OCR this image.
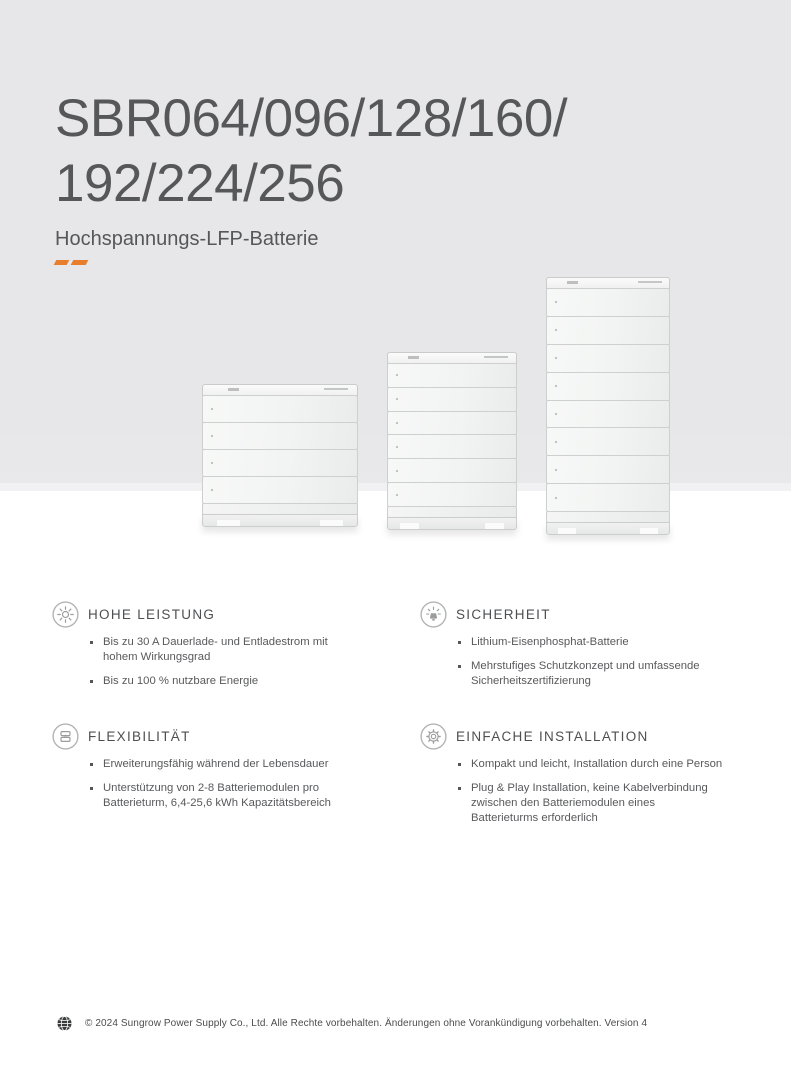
SBR064/096/128/160/
192/224/256
Hochspannungs-LFP-Batterie
HOHE LEISTUNG
Bis zu 30 A Dauerlade- und Entladestrom mit hohem Wirkungsgrad
Bis zu 100 % nutzbare Energie
SICHERHEIT
Lithium-Eisenphosphat-Batterie
Mehrstufiges Schutzkonzept und umfassende Sicherheitszertifizierung
FLEXIBILITÄT
Erweiterungsfähig während der Lebensdauer
Unterstützung von 2-8 Batteriemodulen pro Batterieturm, 6,4-25,6 kWh Kapazitätsbereich
EINFACHE INSTALLATION
Kompakt und leicht, Installation durch eine Person
Plug & Play Installation, keine Kabelverbindung zwischen den Batteriemodulen eines Batterieturms erforderlich
© 2024 Sungrow Power Supply Co., Ltd. Alle Rechte vorbehalten. Änderungen ohne Vorankündigung vorbehalten. Version 4
